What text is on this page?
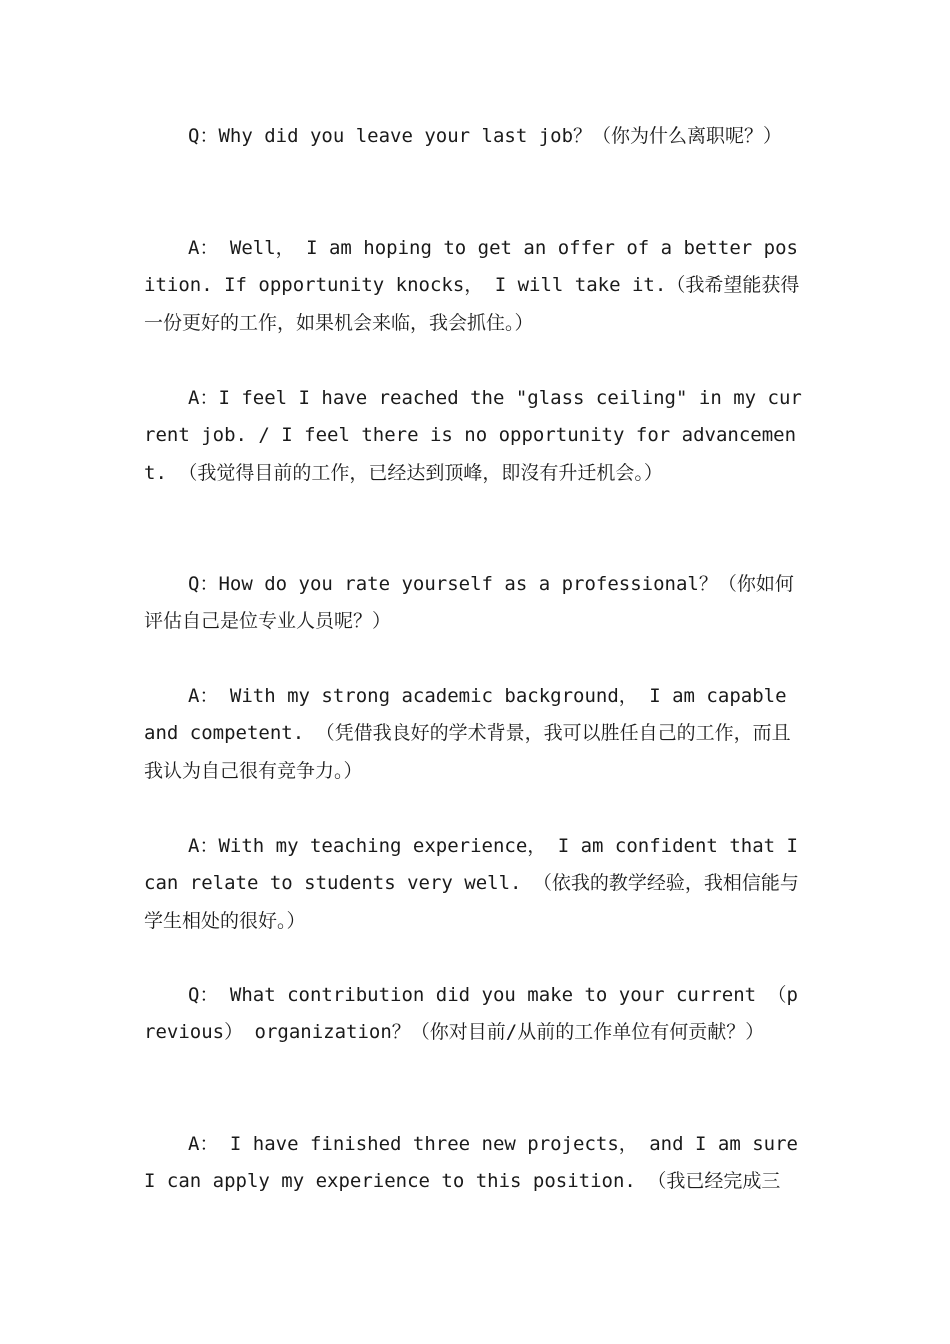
Q：Why did you leave your last job？（你为什么离职呢？）

A： Well， I am hoping to get an offer of a better position. If opportunity knocks， I will take it.（我希望能获得一份更好的工作，如果机会来临，我会抓住。）

A：I feel I have reached the "glass ceiling" in my current job. / I feel there is no opportunity for advancement. （我觉得目前的工作，已经达到顶峰，即沒有升迁机会。）

Q：How do you rate yourself as a professional？（你如何评估自己是位专业人员呢？）

A： With my strong academic background， I am capable and competent. （凭借我良好的学术背景，我可以胜任自己的工作，而且我认为自己很有竞争力。）

A：With my teaching experience， I am confident that I can relate to students very well. （依我的教学经验，我相信能与学生相处的很好。）

Q： What contribution did you make to your current （previous） organization？（你对目前/从前的工作单位有何贡献？）

A： I have finished three new projects， and I am sure I can apply my experience to this position. （我已经完成三
